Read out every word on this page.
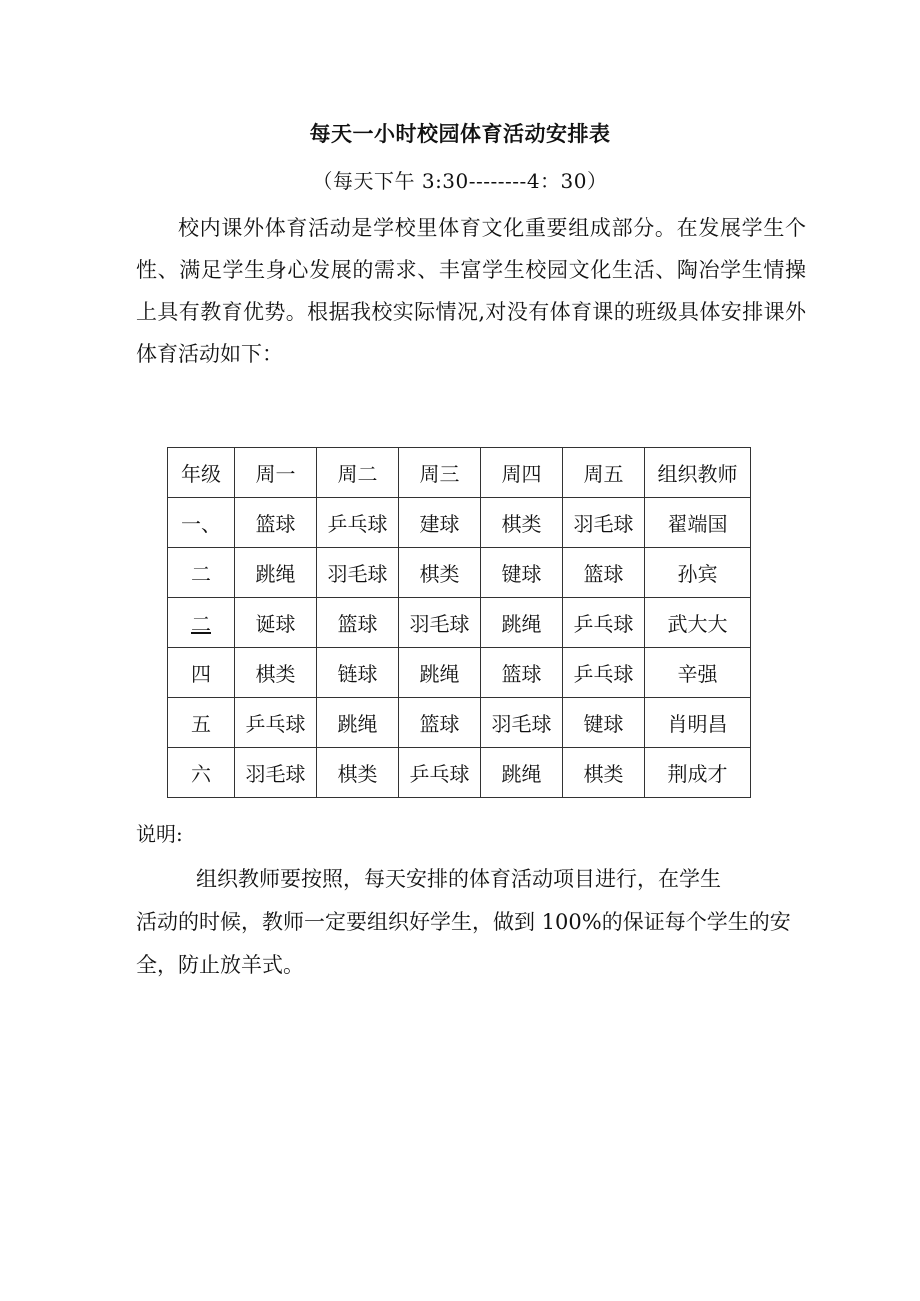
每天一小时校园体育活动安排表
（每天下午 3:30--------4：30）

校内课外体育活动是学校里体育文化重要组成部分。在发展学生个性、满足学生身心发展的需求、丰富学生校园文化生活、陶冶学生情操上具有教育优势。根据我校实际情况,对没有体育课的班级具体安排课外体育活动如下：

年级	周一	周二	周三	周四	周五	组织教师
一、	篮球	乒乓球	建球	棋类	羽毛球	翟端国
二	跳绳	羽毛球	棋类	键球	篮球	孙宾
二	诞球	篮球	羽毛球	跳绳	乒乓球	武大大
四	棋类	链球	跳绳	篮球	乒乓球	辛强
五	乒乓球	跳绳	篮球	羽毛球	键球	肖明昌
六	羽毛球	棋类	乒乓球	跳绳	棋类	荆成才
说明:

组织教师要按照，每天安排的体育活动项目进行，在学生
活动的时候，教师一定要组织好学生，做到 100%的保证每个学生的安全，防止放羊式。
